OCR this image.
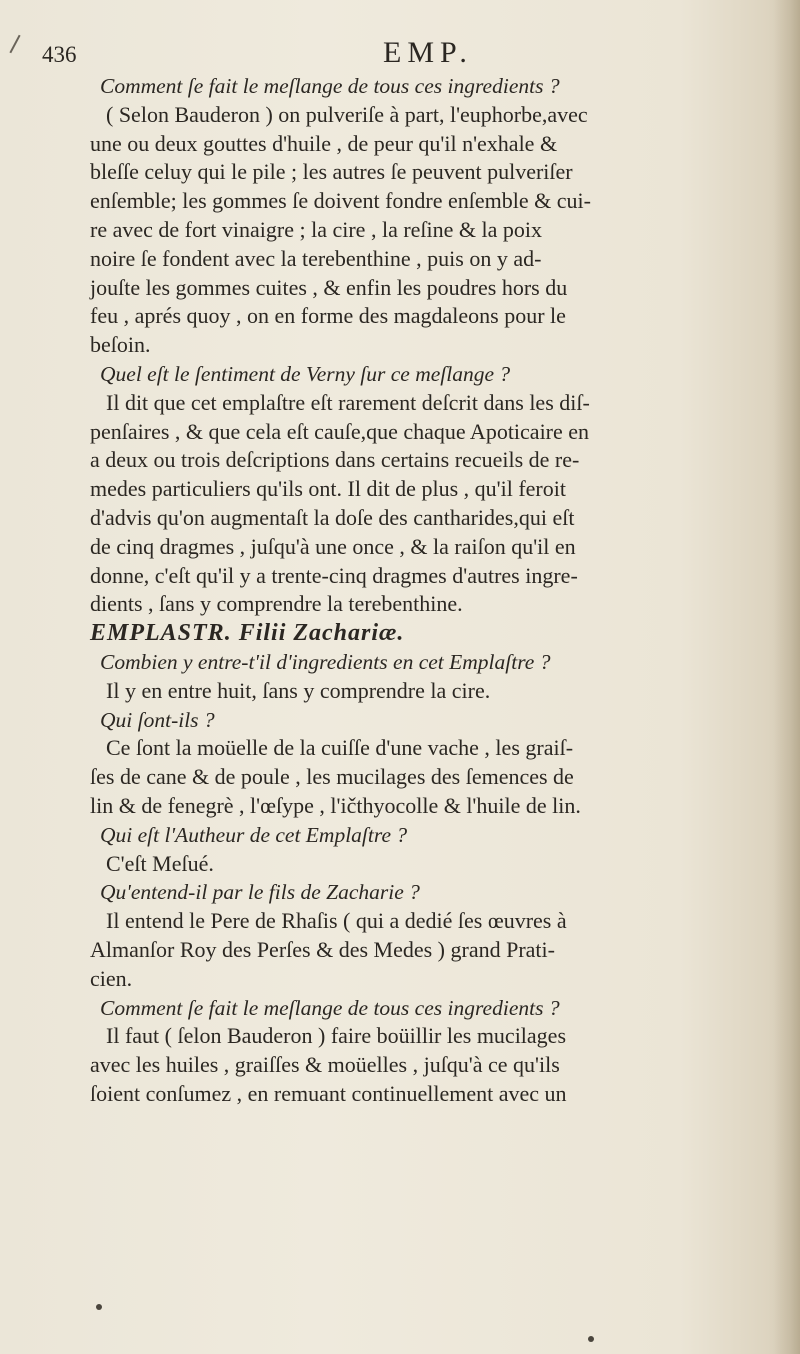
436	EMP.
Comment ſe fait le meſlange de tous ces ingredients ?
( Selon Bauderon ) on pulveriſe à part, l'euphorbe,avec
une ou deux gouttes d'huile , de peur qu'il n'exhale &
bleſſe celuy qui le pile ; les autres ſe peuvent pulveriſer
enſemble; les gommes ſe doivent fondre enſemble & cui-
re avec de fort vinaigre ; la cire , la reſine & la poix
noire ſe fondent avec la terebenthine , puis on y ad-
jouſte les gommes cuites , & enfin les poudres hors du
feu , aprés quoy , on en forme des magdaleons pour le
beſoin.
Quel eſt le ſentiment de Verny ſur ce meſlange ?
Il dit que cet emplaſtre eſt rarement deſcrit dans les diſ-
penſaires , & que cela eſt cauſe,que chaque Apoticaire en
a deux ou trois deſcriptions dans certains recueils de re-
medes particuliers qu'ils ont. Il dit de plus , qu'il feroit
d'advis qu'on augmentaſt la doſe des cantharides,qui eſt
de cinq dragmes , juſqu'à une once , & la raiſon qu'il en
donne, c'eſt qu'il y a trente-cinq dragmes d'autres ingre-
dients , ſans y comprendre la terebenthine.
EMPLASTR. Filii Zachariæ.
Combien y entre-t'il d'ingredients en cet Emplaſtre ?
Il y en entre huit, ſans y comprendre la cire.
Qui ſont-ils ?
Ce ſont la moüelle de la cuiſſe d'une vache , les graiſ-
ſes de cane & de poule , les mucilages des ſemences de
lin & de fenegrè , l'œſype , l'ičthyocolle & l'huile de lin.
Qui eſt l'Autheur de cet Emplaſtre ?
C'eſt Meſué.
Qu'entend-il par le fils de Zacharie ?
Il entend le Pere de Rhaſis ( qui a dedié ſes œuvres à
Almanſor Roy des Perſes & des Medes ) grand Prati-
cien.
Comment ſe fait le meſlange de tous ces ingredients ?
Il faut ( ſelon Bauderon ) faire boüillir les mucilages
avec les huiles , graiſſes & moüelles , juſqu'à ce qu'ils
ſoient conſumez , en remuant continuellement avec un
